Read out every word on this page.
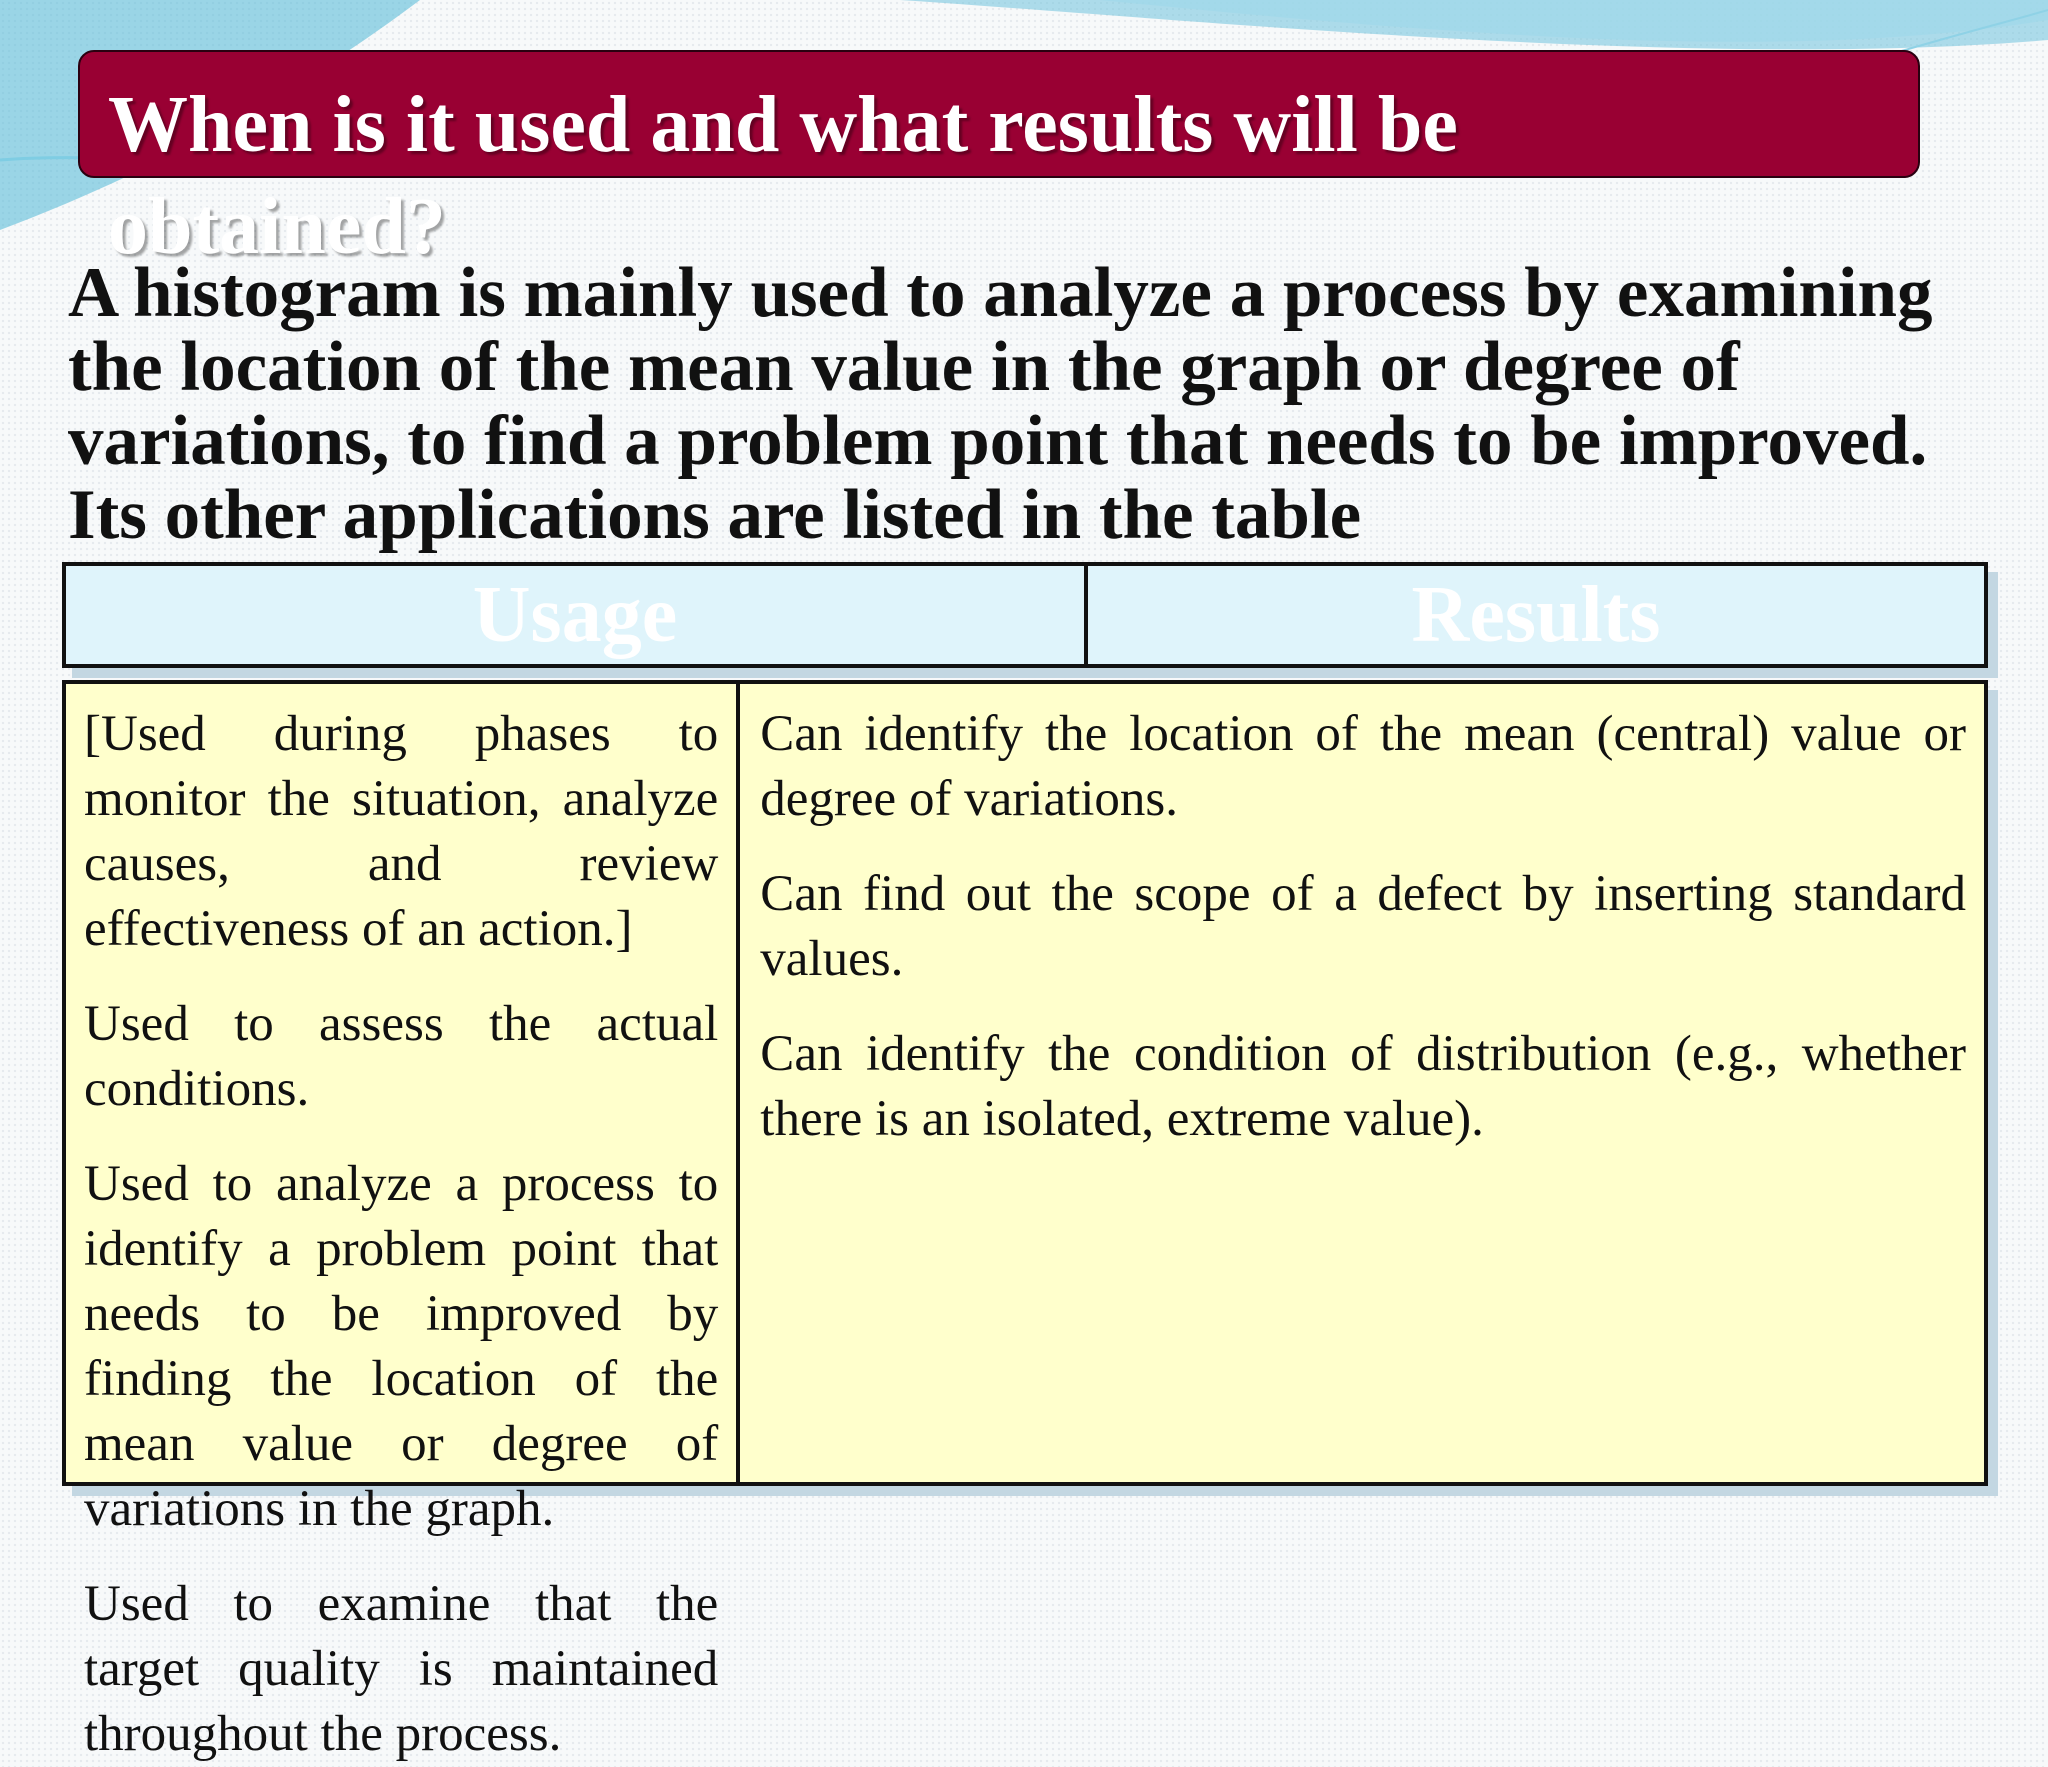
When is it used and what results will be obtained?

A histogram is mainly used to analyze a process by examining the location of the mean value in the graph or degree of variations, to find a problem point that needs to be improved. Its other applications are listed in the table

Usage	Results

[Used during phases to monitor the situation, analyze causes, and review effectiveness of an action.]

Used to assess the actual conditions.

Used to analyze a process to identify a problem point that needs to be improved by finding the location of the mean value or degree of variations in the graph.

Used to examine that the target quality is maintained throughout the process.

Can identify the location of the mean (central) value or degree of variations.

Can find out the scope of a defect by inserting standard values.

Can identify the condition of distribution (e.g., whether there is an isolated, extreme value).
